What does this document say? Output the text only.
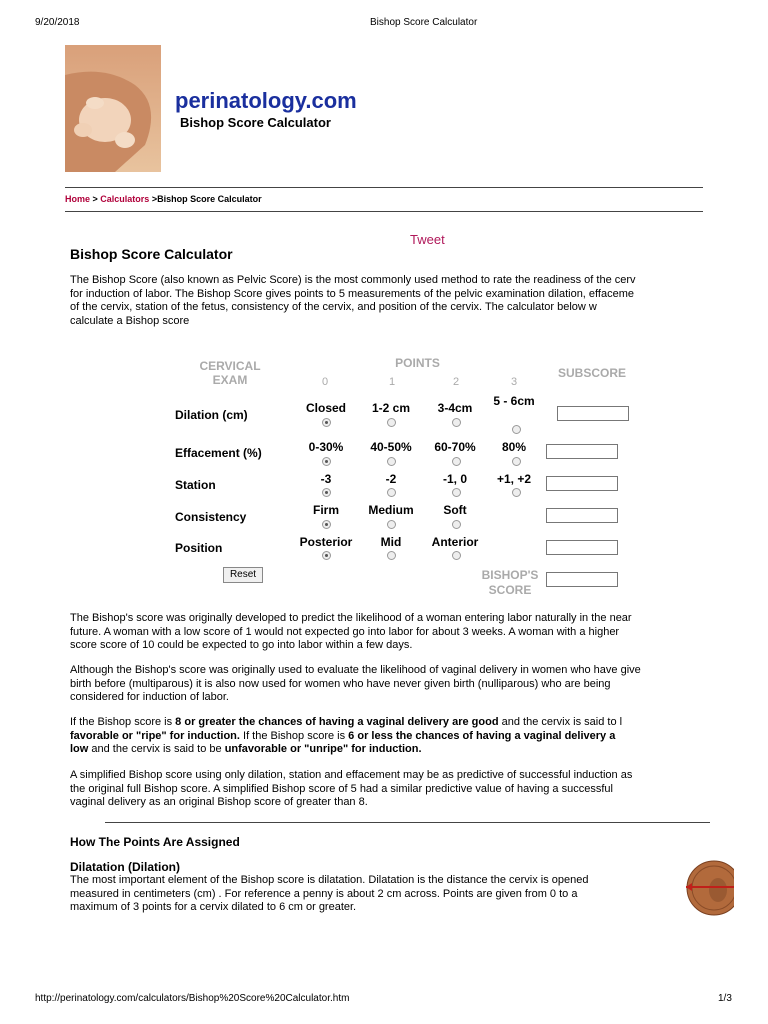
9/20/2018	Bishop Score Calculator
perinatology.com
Bishop Score Calculator
Home > Calculators >Bishop Score Calculator
Tweet
Bishop Score Calculator
The Bishop Score (also known as Pelvic Score) is the most commonly used method to rate the readiness of the cerv
for induction of labor. The Bishop Score gives points to 5 measurements of the pelvic examination dilation, effaceme
of the cervix, station of the fetus, consistency of the cervix, and position of the cervix. The calculator below w
calculate a Bishop score
CERVICAL
EXAM
POINTS
SUBSCORE
0	1	2	3
Dilation (cm)	Closed	1-2 cm	3-4cm	5 - 6cm
Effacement (%)	0-30%	40-50%	60-70%	80%
Station	-3	-2	-1, 0	+1, +2
Consistency	Firm	Medium	Soft
Position	Posterior	Mid	Anterior
Reset	BISHOP'S
SCORE
The Bishop's score was originally developed to predict the likelihood of a woman entering labor naturally in the near
future. A woman with a low score of 1 would not expected go into labor for about 3 weeks. A woman with a higher
score score of 10 could be expected to go into labor within a few days.
Although the Bishop's score was originally used to evaluate the likelihood of vaginal delivery in women who have give
birth before (multiparous) it is also now used for women who have never given birth (nulliparous) who are being
considered for induction of labor.
If the Bishop score is 8 or greater the chances of having a vaginal delivery are good and the cervix is said to l
favorable or "ripe" for induction. If the Bishop score is 6 or less the chances of having a vaginal delivery a
low and the cervix is said to be unfavorable or "unripe" for induction.
A simplified Bishop score using only dilation, station and effacement may be as predictive of successful induction as
the original full Bishop score. A simplified Bishop score of 5 had a similar predictive value of having a successful
vaginal delivery as an original Bishop score of greater than 8.
How The Points Are Assigned
Dilatation (Dilation)
The most important element of the Bishop score is dilatation. Dilatation is the distance the cervix is opened
measured in centimeters (cm) . For reference a penny is about 2 cm across. Points are given from 0 to a
maximum of 3 points for a cervix dilated to 6 cm or greater.
http://perinatology.com/calculators/Bishop%20Score%20Calculator.htm	1/3
